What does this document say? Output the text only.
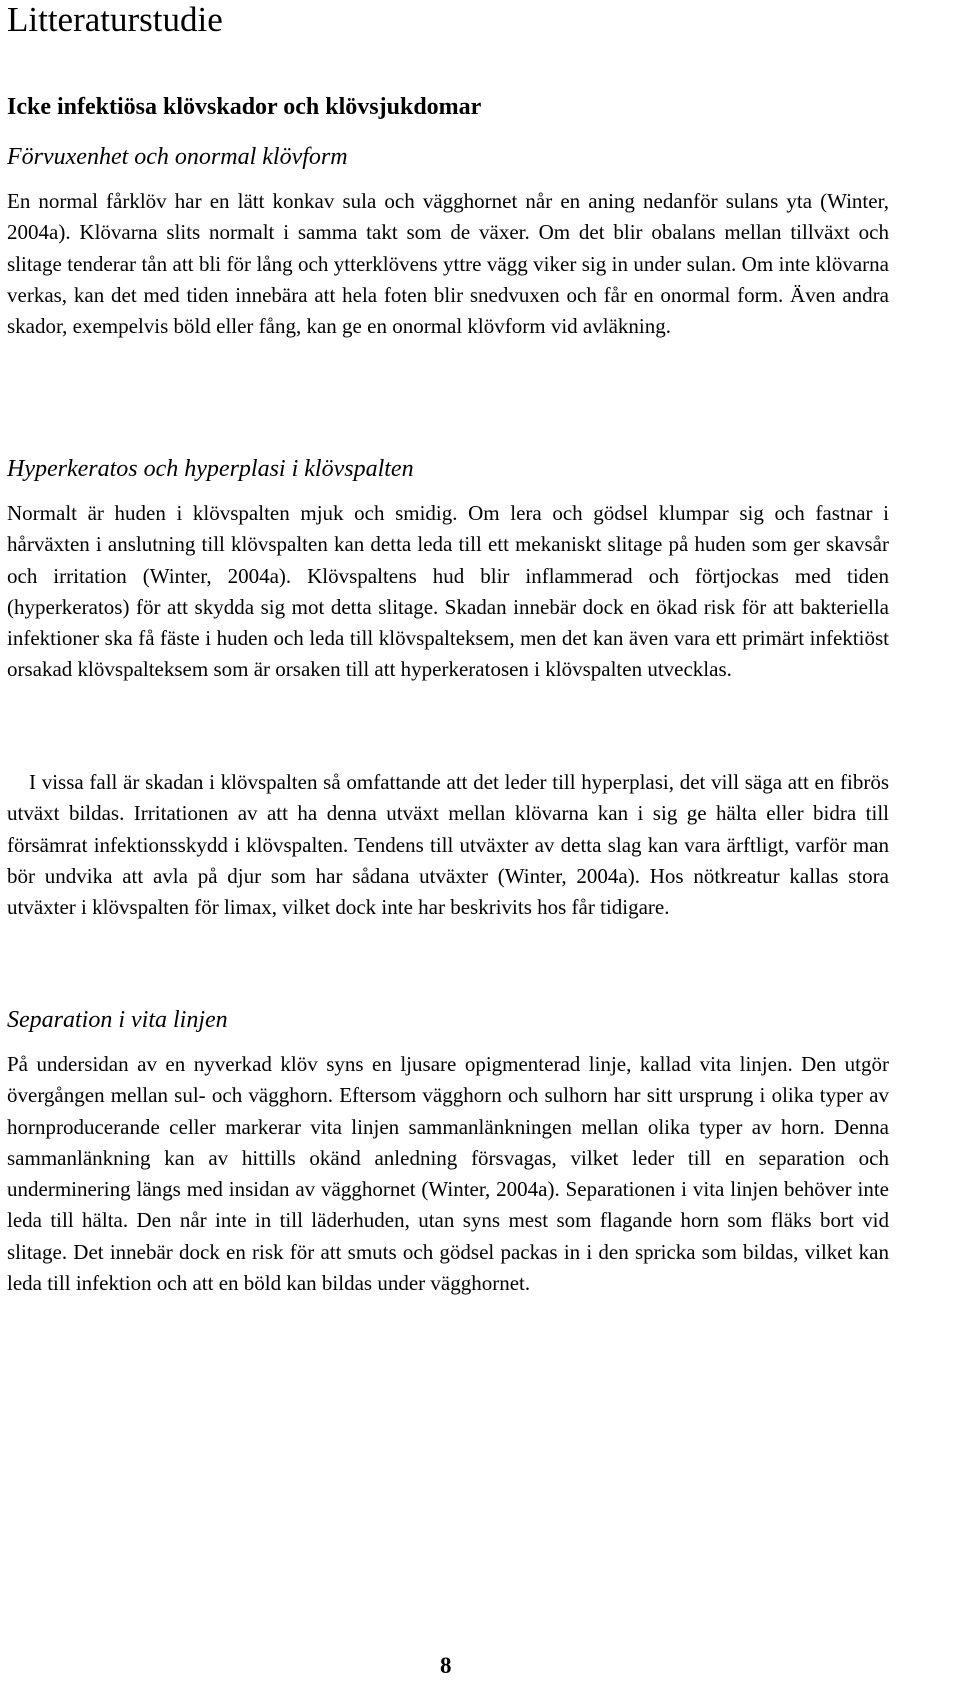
Litteraturstudie
Icke infektiösa klövskador och klövsjukdomar
Förvuxenhet och onormal klövform

En normal fårklöv har en lätt konkav sula och vägghornet når en aning nedanför sulans yta (Winter, 2004a). Klövarna slits normalt i samma takt som de växer. Om det blir obalans mellan tillväxt och slitage tenderar tån att bli för lång och ytterklövens yttre vägg viker sig in under sulan. Om inte klövarna verkas, kan det med tiden innebära att hela foten blir snedvuxen och får en onormal form. Även andra skador, exempelvis böld eller fång, kan ge en onormal klövform vid avläkning.

Hyperkeratos och hyperplasi i klövspalten

Normalt är huden i klövspalten mjuk och smidig. Om lera och gödsel klumpar sig och fastnar i hårväxten i anslutning till klövspalten kan detta leda till ett mekaniskt slitage på huden som ger skavsår och irritation (Winter, 2004a). Klövspaltens hud blir inflammerad och förtjockas med tiden (hyperkeratos) för att skydda sig mot detta slitage. Skadan innebär dock en ökad risk för att bakteriella infektioner ska få fäste i huden och leda till klövspalteksem, men det kan även vara ett primärt infektiöst orsakad klövspalteksem som är orsaken till att hyperkeratosen i klövspalten utvecklas.

I vissa fall är skadan i klövspalten så omfattande att det leder till hyperplasi, det vill säga att en fibrös utväxt bildas. Irritationen av att ha denna utväxt mellan klövarna kan i sig ge hälta eller bidra till försämrat infektionsskydd i klövspalten. Tendens till utväxter av detta slag kan vara ärftligt, varför man bör undvika att avla på djur som har sådana utväxter (Winter, 2004a). Hos nötkreatur kallas stora utväxter i klövspalten för limax, vilket dock inte har beskrivits hos får tidigare.

Separation i vita linjen

På undersidan av en nyverkad klöv syns en ljusare opigmenterad linje, kallad vita linjen. Den utgör övergången mellan sul- och vägghorn. Eftersom vägghorn och sulhorn har sitt ursprung i olika typer av hornproducerande celler markerar vita linjen sammanlänkningen mellan olika typer av horn. Denna sammanlänkning kan av hittills okänd anledning försvagas, vilket leder till en separation och underminering längs med insidan av vägghornet (Winter, 2004a). Separationen i vita linjen behöver inte leda till hälta. Den når inte in till läderhuden, utan syns mest som flagande horn som fläks bort vid slitage. Det innebär dock en risk för att smuts och gödsel packas in i den spricka som bildas, vilket kan leda till infektion och att en böld kan bildas under vägghornet.

8
